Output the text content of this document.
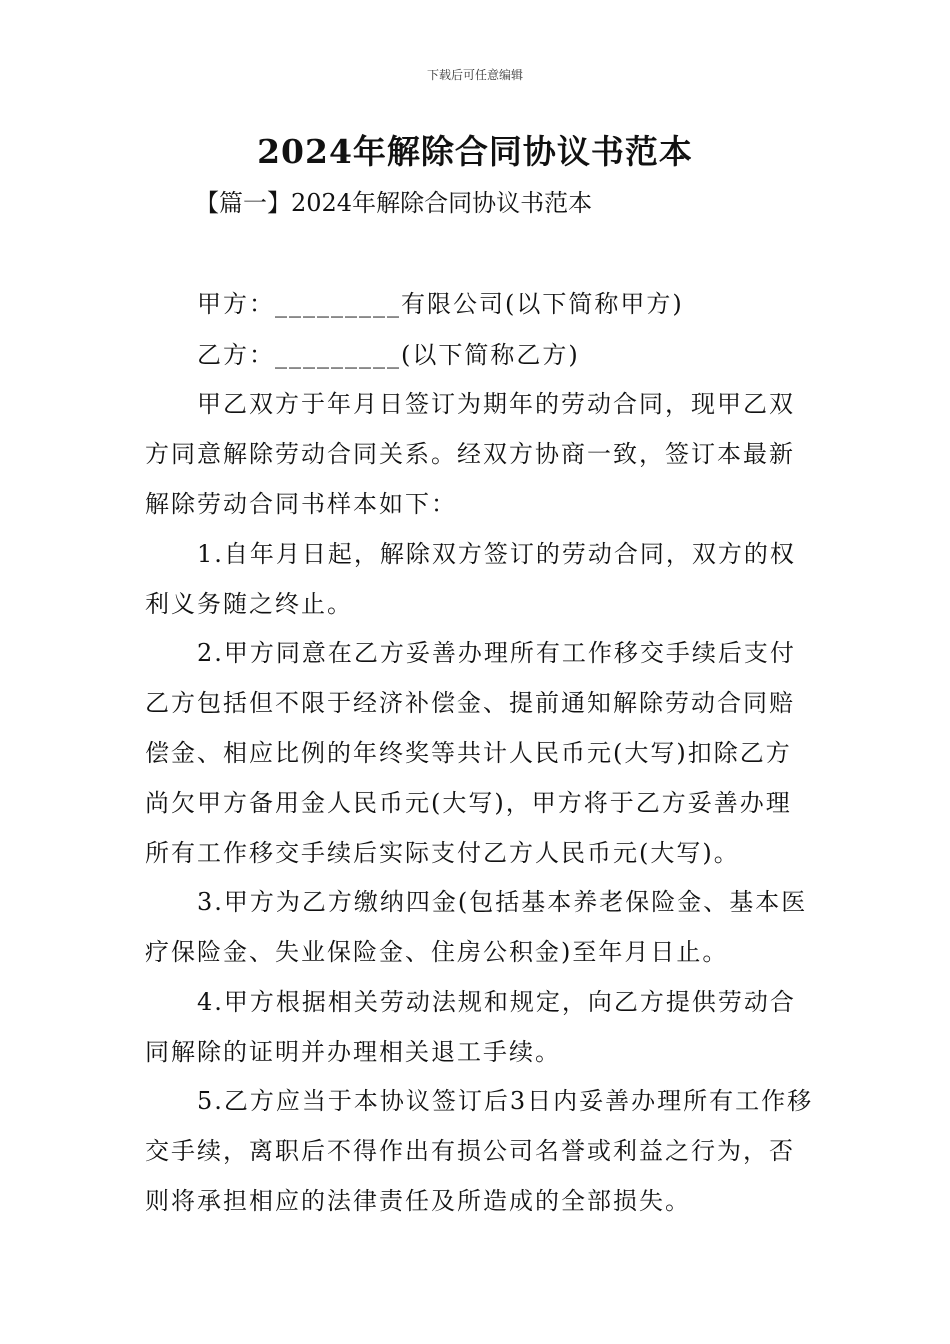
下载后可任意编辑
2024年解除合同协议书范本
【篇一】2024年解除合同协议书范本
甲方：_________有限公司(以下简称甲方)
乙方：_________(以下简称乙方)
甲乙双方于年月日签订为期年的劳动合同，现甲乙双
方同意解除劳动合同关系。经双方协商一致，签订本最新
解除劳动合同书样本如下：
1.自年月日起，解除双方签订的劳动合同，双方的权
利义务随之终止。
2.甲方同意在乙方妥善办理所有工作移交手续后支付
乙方包括但不限于经济补偿金、提前通知解除劳动合同赔
偿金、相应比例的年终奖等共计人民币元(大写)扣除乙方
尚欠甲方备用金人民币元(大写)，甲方将于乙方妥善办理
所有工作移交手续后实际支付乙方人民币元(大写)。
3.甲方为乙方缴纳四金(包括基本养老保险金、基本医
疗保险金、失业保险金、住房公积金)至年月日止。
4.甲方根据相关劳动法规和规定，向乙方提供劳动合
同解除的证明并办理相关退工手续。
5.乙方应当于本协议签订后3日内妥善办理所有工作移
交手续，离职后不得作出有损公司名誉或利益之行为，否
则将承担相应的法律责任及所造成的全部损失。
